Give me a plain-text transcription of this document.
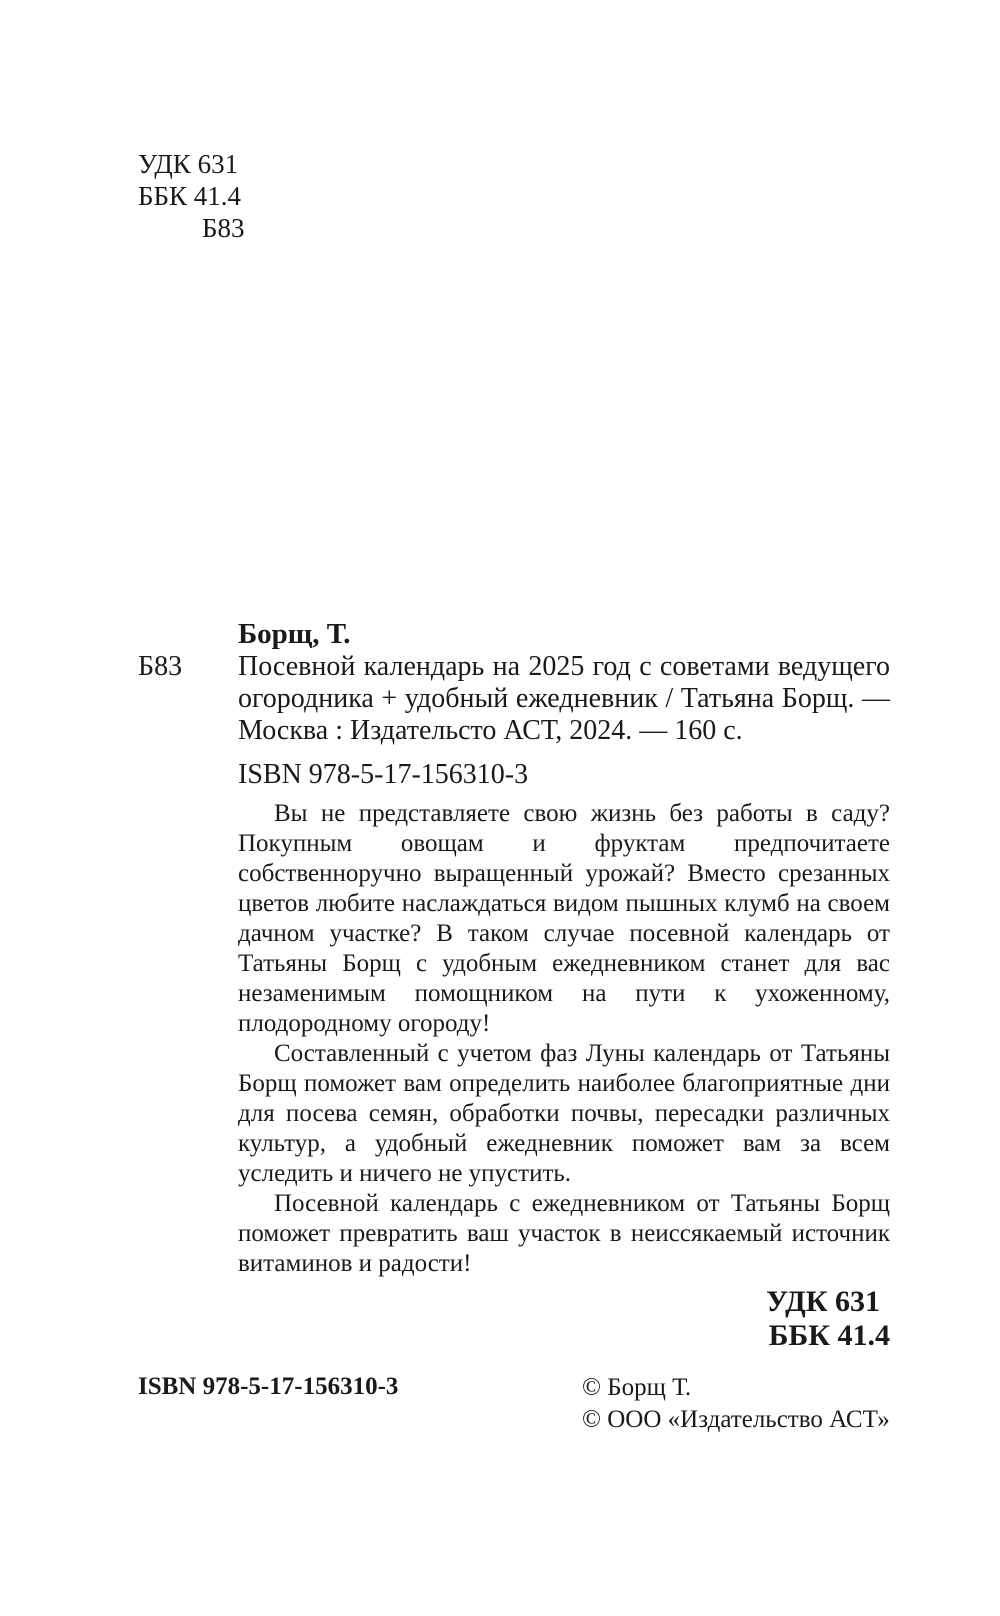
УДК 631
ББК 41.4
Б83
Борщ, Т.
Б83 Посевной календарь на 2025 год с советами ведущего огородника + удобный ежедневник / Татьяна Борщ. — Москва : Издательсто АСТ, 2024. — 160 с.
ISBN 978-5-17-156310-3

Вы не представляете свою жизнь без работы в саду? Покупным овощам и фруктам предпочитаете собственноручно выращенный урожай? Вместо срезанных цветов любите наслаждаться видом пышных клумб на своем дачном участке? В таком случае посевной календарь от Татьяны Борщ с удобным ежедневником станет для вас незаменимым помощником на пути к ухоженному, плодородному огороду!

Составленный с учетом фаз Луны календарь от Татьяны Борщ поможет вам определить наиболее благоприятные дни для посева семян, обработки почвы, пересадки различных культур, а удобный ежедневник поможет вам за всем уследить и ничего не упустить.

Посевной календарь с ежедневником от Татьяны Борщ поможет превратить ваш участок в неиссякаемый источник витаминов и радости!

УДК 631
ББК 41.4
ISBN 978-5-17-156310-3	© Борщ Т.
© ООО «Издательство АСТ»
